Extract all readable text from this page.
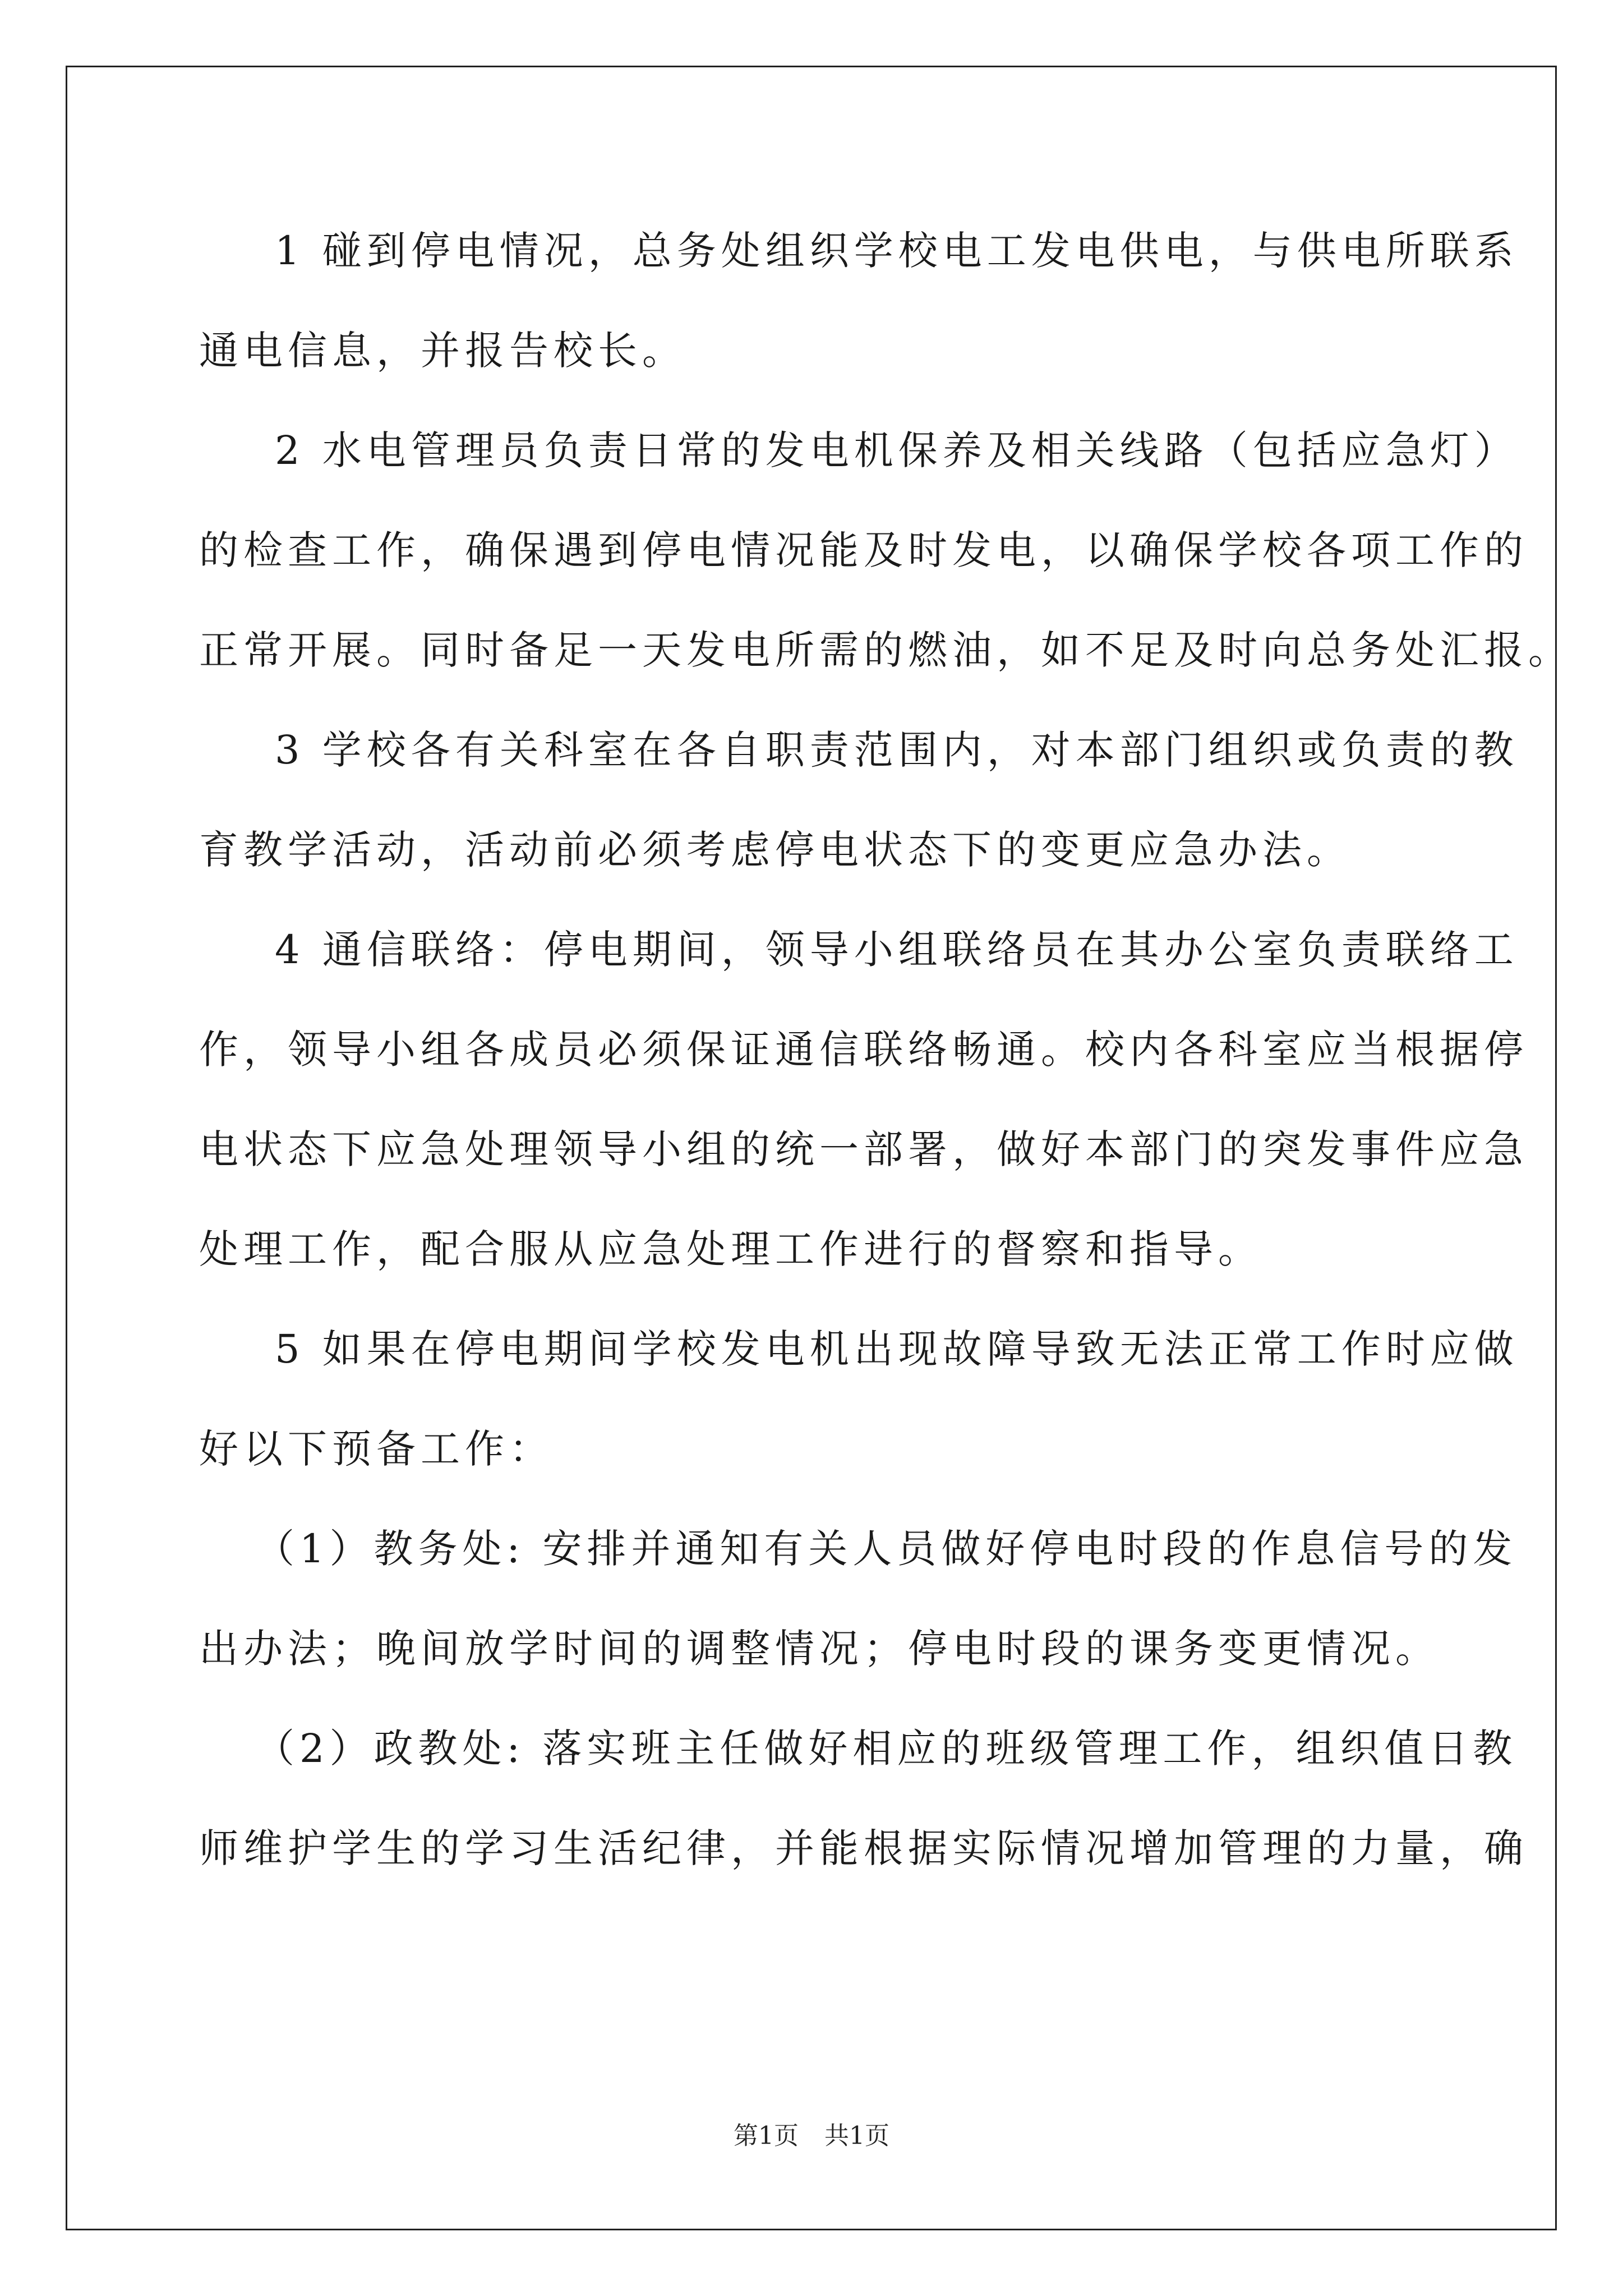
1 碰到停电情况，总务处组织学校电工发电供电，与供电所联系
通电信息，并报告校长。
2 水电管理员负责日常的发电机保养及相关线路（包括应急灯）
的检查工作，确保遇到停电情况能及时发电，以确保学校各项工作的
正常开展。同时备足一天发电所需的燃油，如不足及时向总务处汇报。
3 学校各有关科室在各自职责范围内，对本部门组织或负责的教
育教学活动，活动前必须考虑停电状态下的变更应急办法。
4 通信联络：停电期间，领导小组联络员在其办公室负责联络工
作，领导小组各成员必须保证通信联络畅通。校内各科室应当根据停
电状态下应急处理领导小组的统一部署，做好本部门的突发事件应急
处理工作，配合服从应急处理工作进行的督察和指导。
5 如果在停电期间学校发电机出现故障导致无法正常工作时应做
好以下预备工作：
（1）教务处: 安排并通知有关人员做好停电时段的作息信号的发
出办法；晚间放学时间的调整情况；停电时段的课务变更情况。
（2）政教处: 落实班主任做好相应的班级管理工作，组织值日教
师维护学生的学习生活纪律，并能根据实际情况增加管理的力量，确
第1页 共1页
